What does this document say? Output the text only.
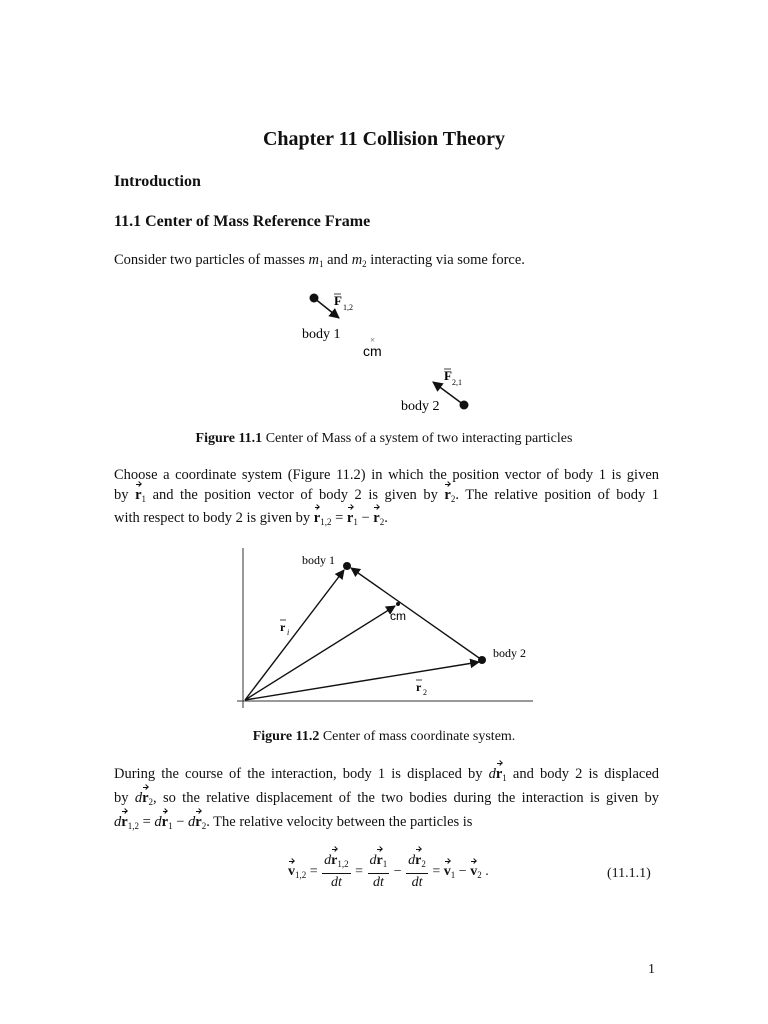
Chapter 11 Collision Theory
Introduction
11.1 Center of Mass Reference Frame
Consider two particles of masses $m_1$ and $m_2$ interacting via some force.
F 1,2
body 1	×
cm
F 2,1
body 2
Figure 11.1 Center of Mass of a system of two interacting particles
Choose a coordinate system (Figure 11.2) in which the position vector of body 1 is given
by $r_1$ and the position vector of body 2 is given by $r_2$. The relative position of body 1
with respect to body 2 is given by $r_{1,2} = r_1 - r_2$.
body 1
cm
body 2
r i
r 2
Figure 11.2 Center of mass coordinate system.
During the course of the interaction, body 1 is displaced by $dr_1$ and body 2 is displaced
by $dr_2$, so the relative displacement of the two bodies during the interaction is given by
$dr_{1,2} = dr_1 - dr_2$. The relative velocity between the particles is
$v_{1,2} = \frac{dr_{1,2}}{dt} = \frac{dr_1}{dt} - \frac{dr_2}{dt} = v_1 - v_2$ .	(11.1.1)
1
